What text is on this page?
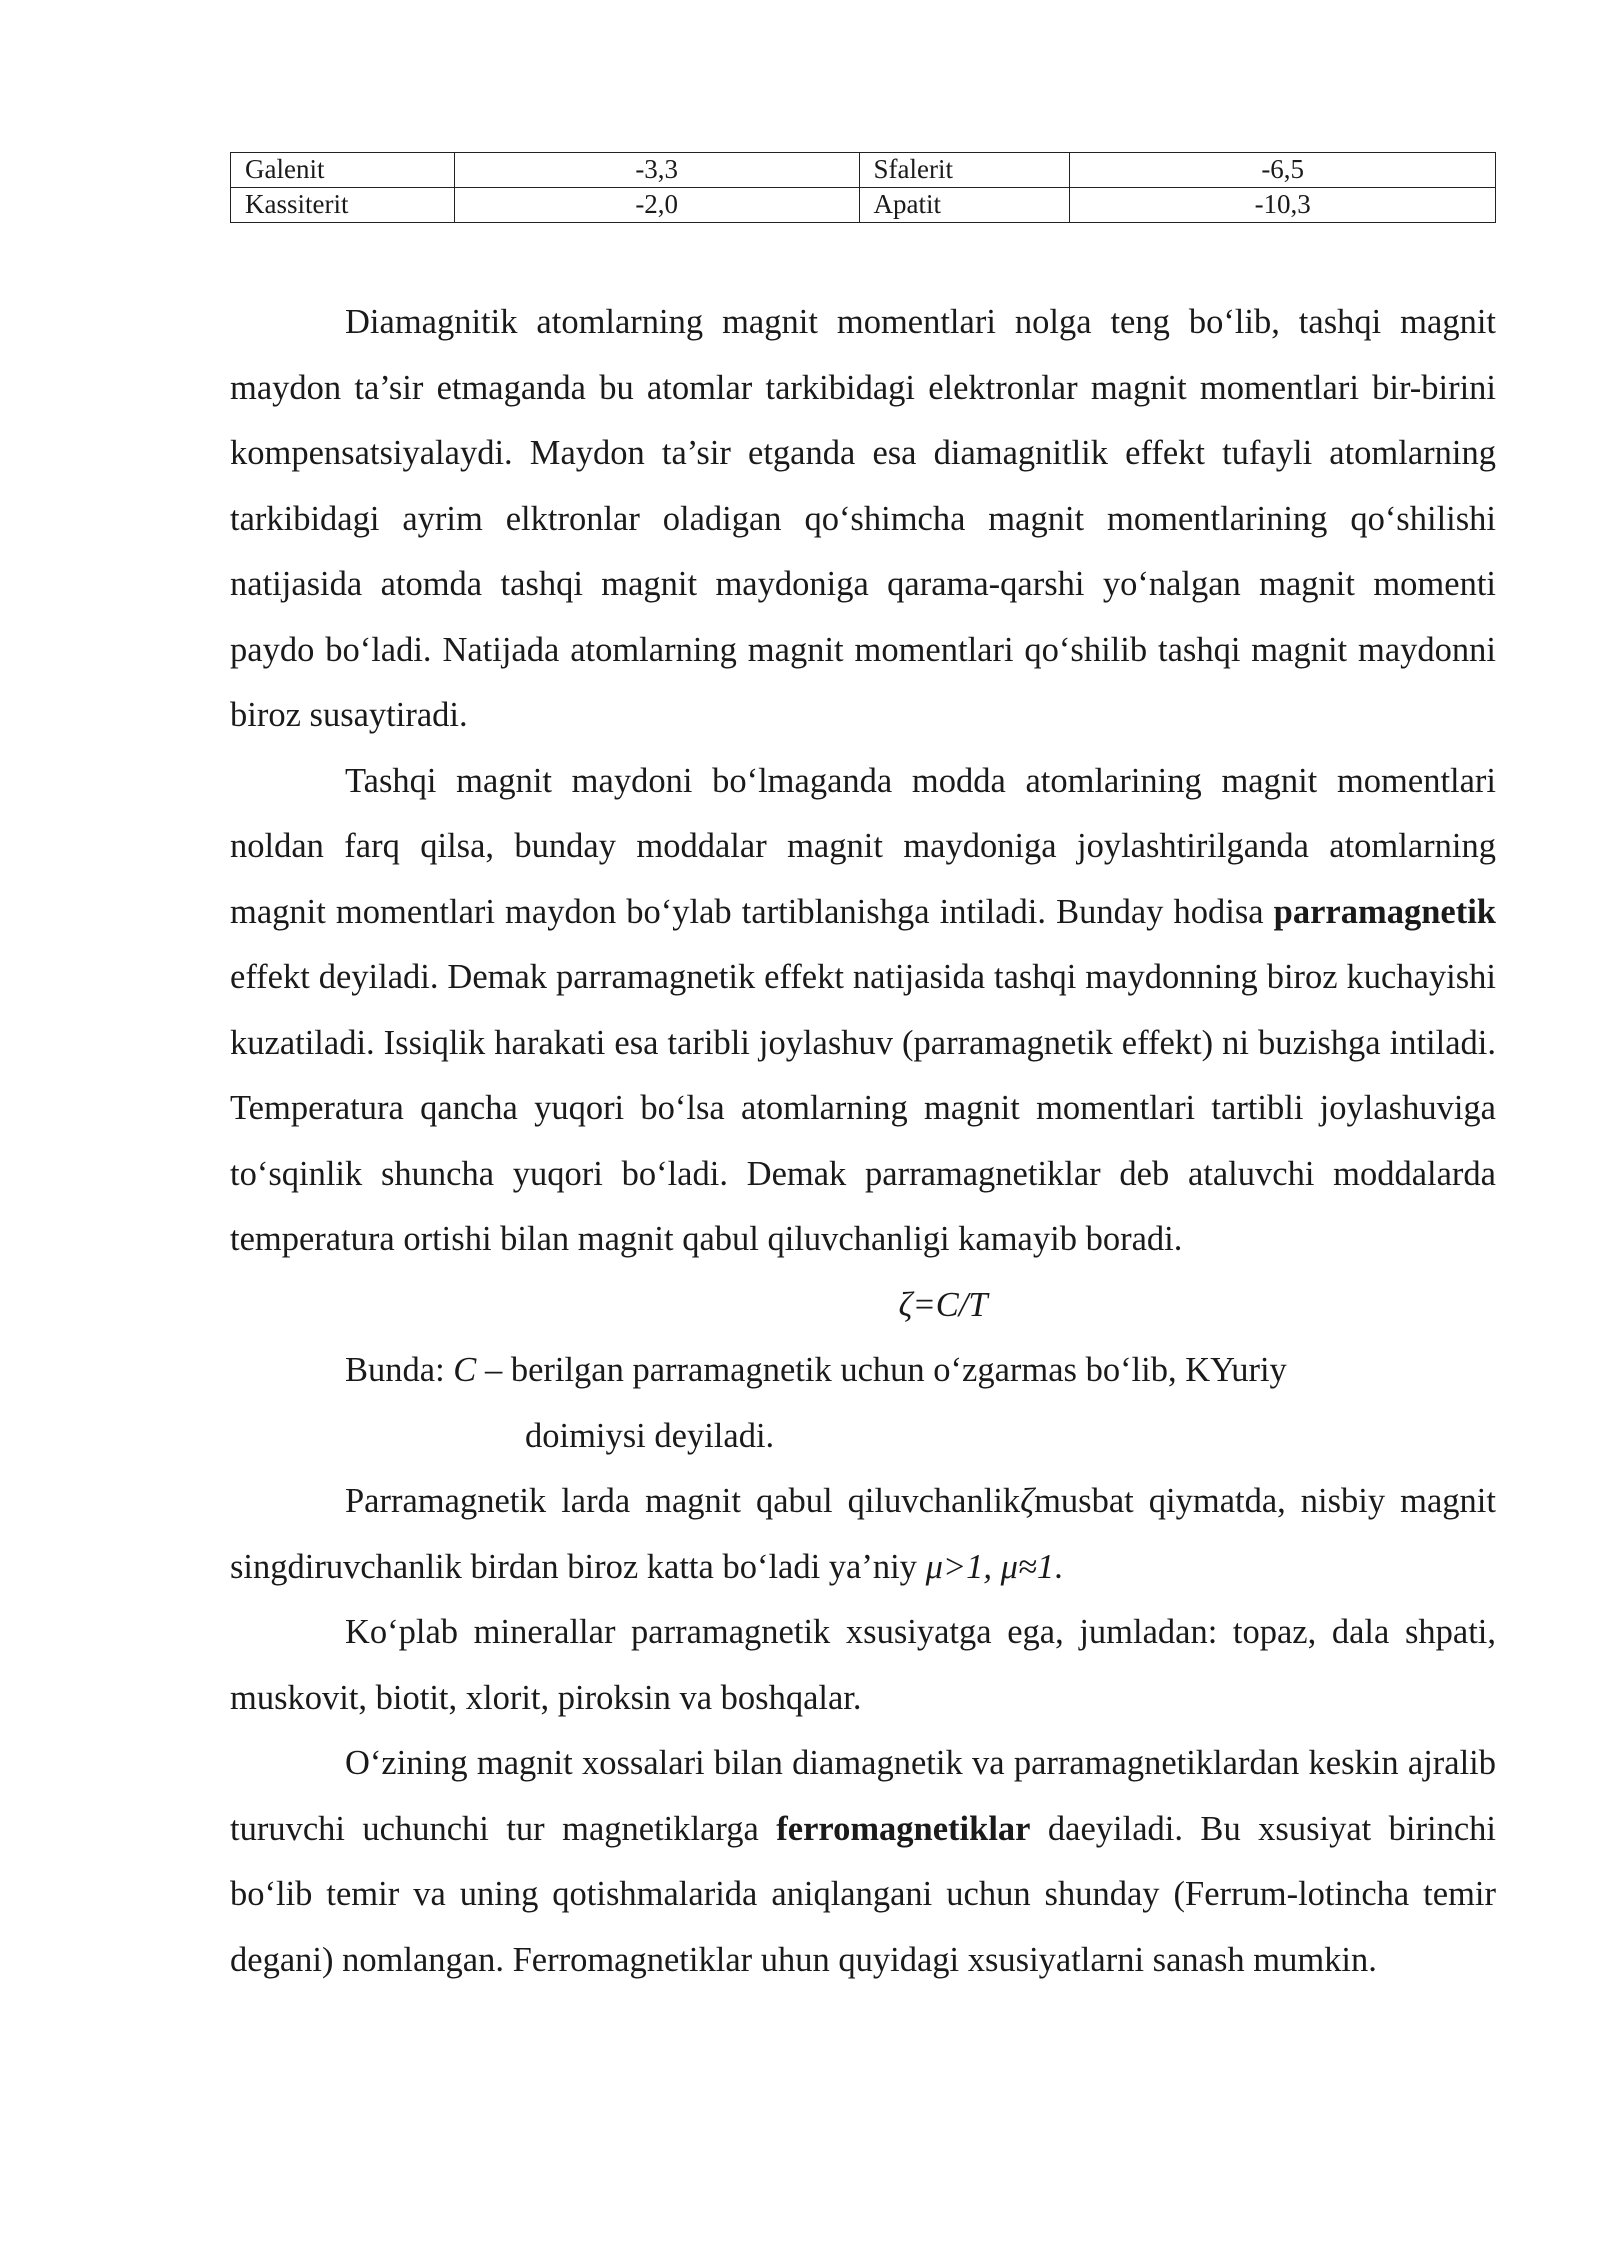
Galenit	-3,3	Sfalerit	-6,5
Kassiterit	-2,0	Apatit	-10,3

Diamagnitik atomlarning magnit momentlari nolga teng bo‘lib, tashqi magnit maydon ta’sir etmaganda bu atomlar tarkibidagi elektronlar magnit momentlari bir-birini kompensatsiyalaydi. Maydon ta’sir etganda esa diamagnitlik effekt tufayli atomlarning tarkibidagi ayrim elktronlar oladigan qo‘shimcha magnit momentlarining qo‘shilishi natijasida atomda tashqi magnit maydoniga qarama-qarshi yo‘nalgan magnit momenti paydo bo‘ladi. Natijada atomlarning magnit momentlari qo‘shilib tashqi magnit maydonni biroz susaytiradi.

Tashqi magnit maydoni bo‘lmaganda modda atomlarining magnit momentlari noldan farq qilsa, bunday moddalar magnit maydoniga joylashtirilganda atomlarning magnit momentlari maydon bo‘ylab tartiblanishga intiladi. Bunday hodisa parramagnetik effekt deyiladi. Demak parramagnetik effekt natijasida tashqi maydonning biroz kuchayishi kuzatiladi. Issiqlik harakati esa taribli joylashuv (parramagnetik effekt) ni buzishga intiladi. Temperatura qancha yuqori bo‘lsa atomlarning magnit momentlari tartibli joylashuviga to‘sqinlik shuncha yuqori bo‘ladi. Demak parramagnetiklar deb ataluvchi moddalarda temperatura ortishi bilan magnit qabul qiluvchanligi kamayib boradi.

ζ=C/T

Bunda: C – berilgan parramagnetik uchun o‘zgarmas bo‘lib, KYuriy
doimiysi deyiladi.

Parramagnetik larda magnit qabul qiluvchanlikζmusbat qiymatda, nisbiy magnit singdiruvchanlik birdan biroz katta bo‘ladi ya’niy μ>1, μ≈1.

Ko‘plab minerallar parramagnetik xsusiyatga ega, jumladan: topaz, dala shpati, muskovit, biotit, xlorit, piroksin va boshqalar.

O‘zining magnit xossalari bilan diamagnetik va parramagnetiklardan keskin ajralib turuvchi uchunchi tur magnetiklarga ferromagnetiklar daeyiladi. Bu xsusiyat birinchi bo‘lib temir va uning qotishmalarida aniqlangani uchun shunday (Ferrum-lotincha temir degani) nomlangan. Ferromagnetiklar uhun quyidagi xsusiyatlarni sanash mumkin.
